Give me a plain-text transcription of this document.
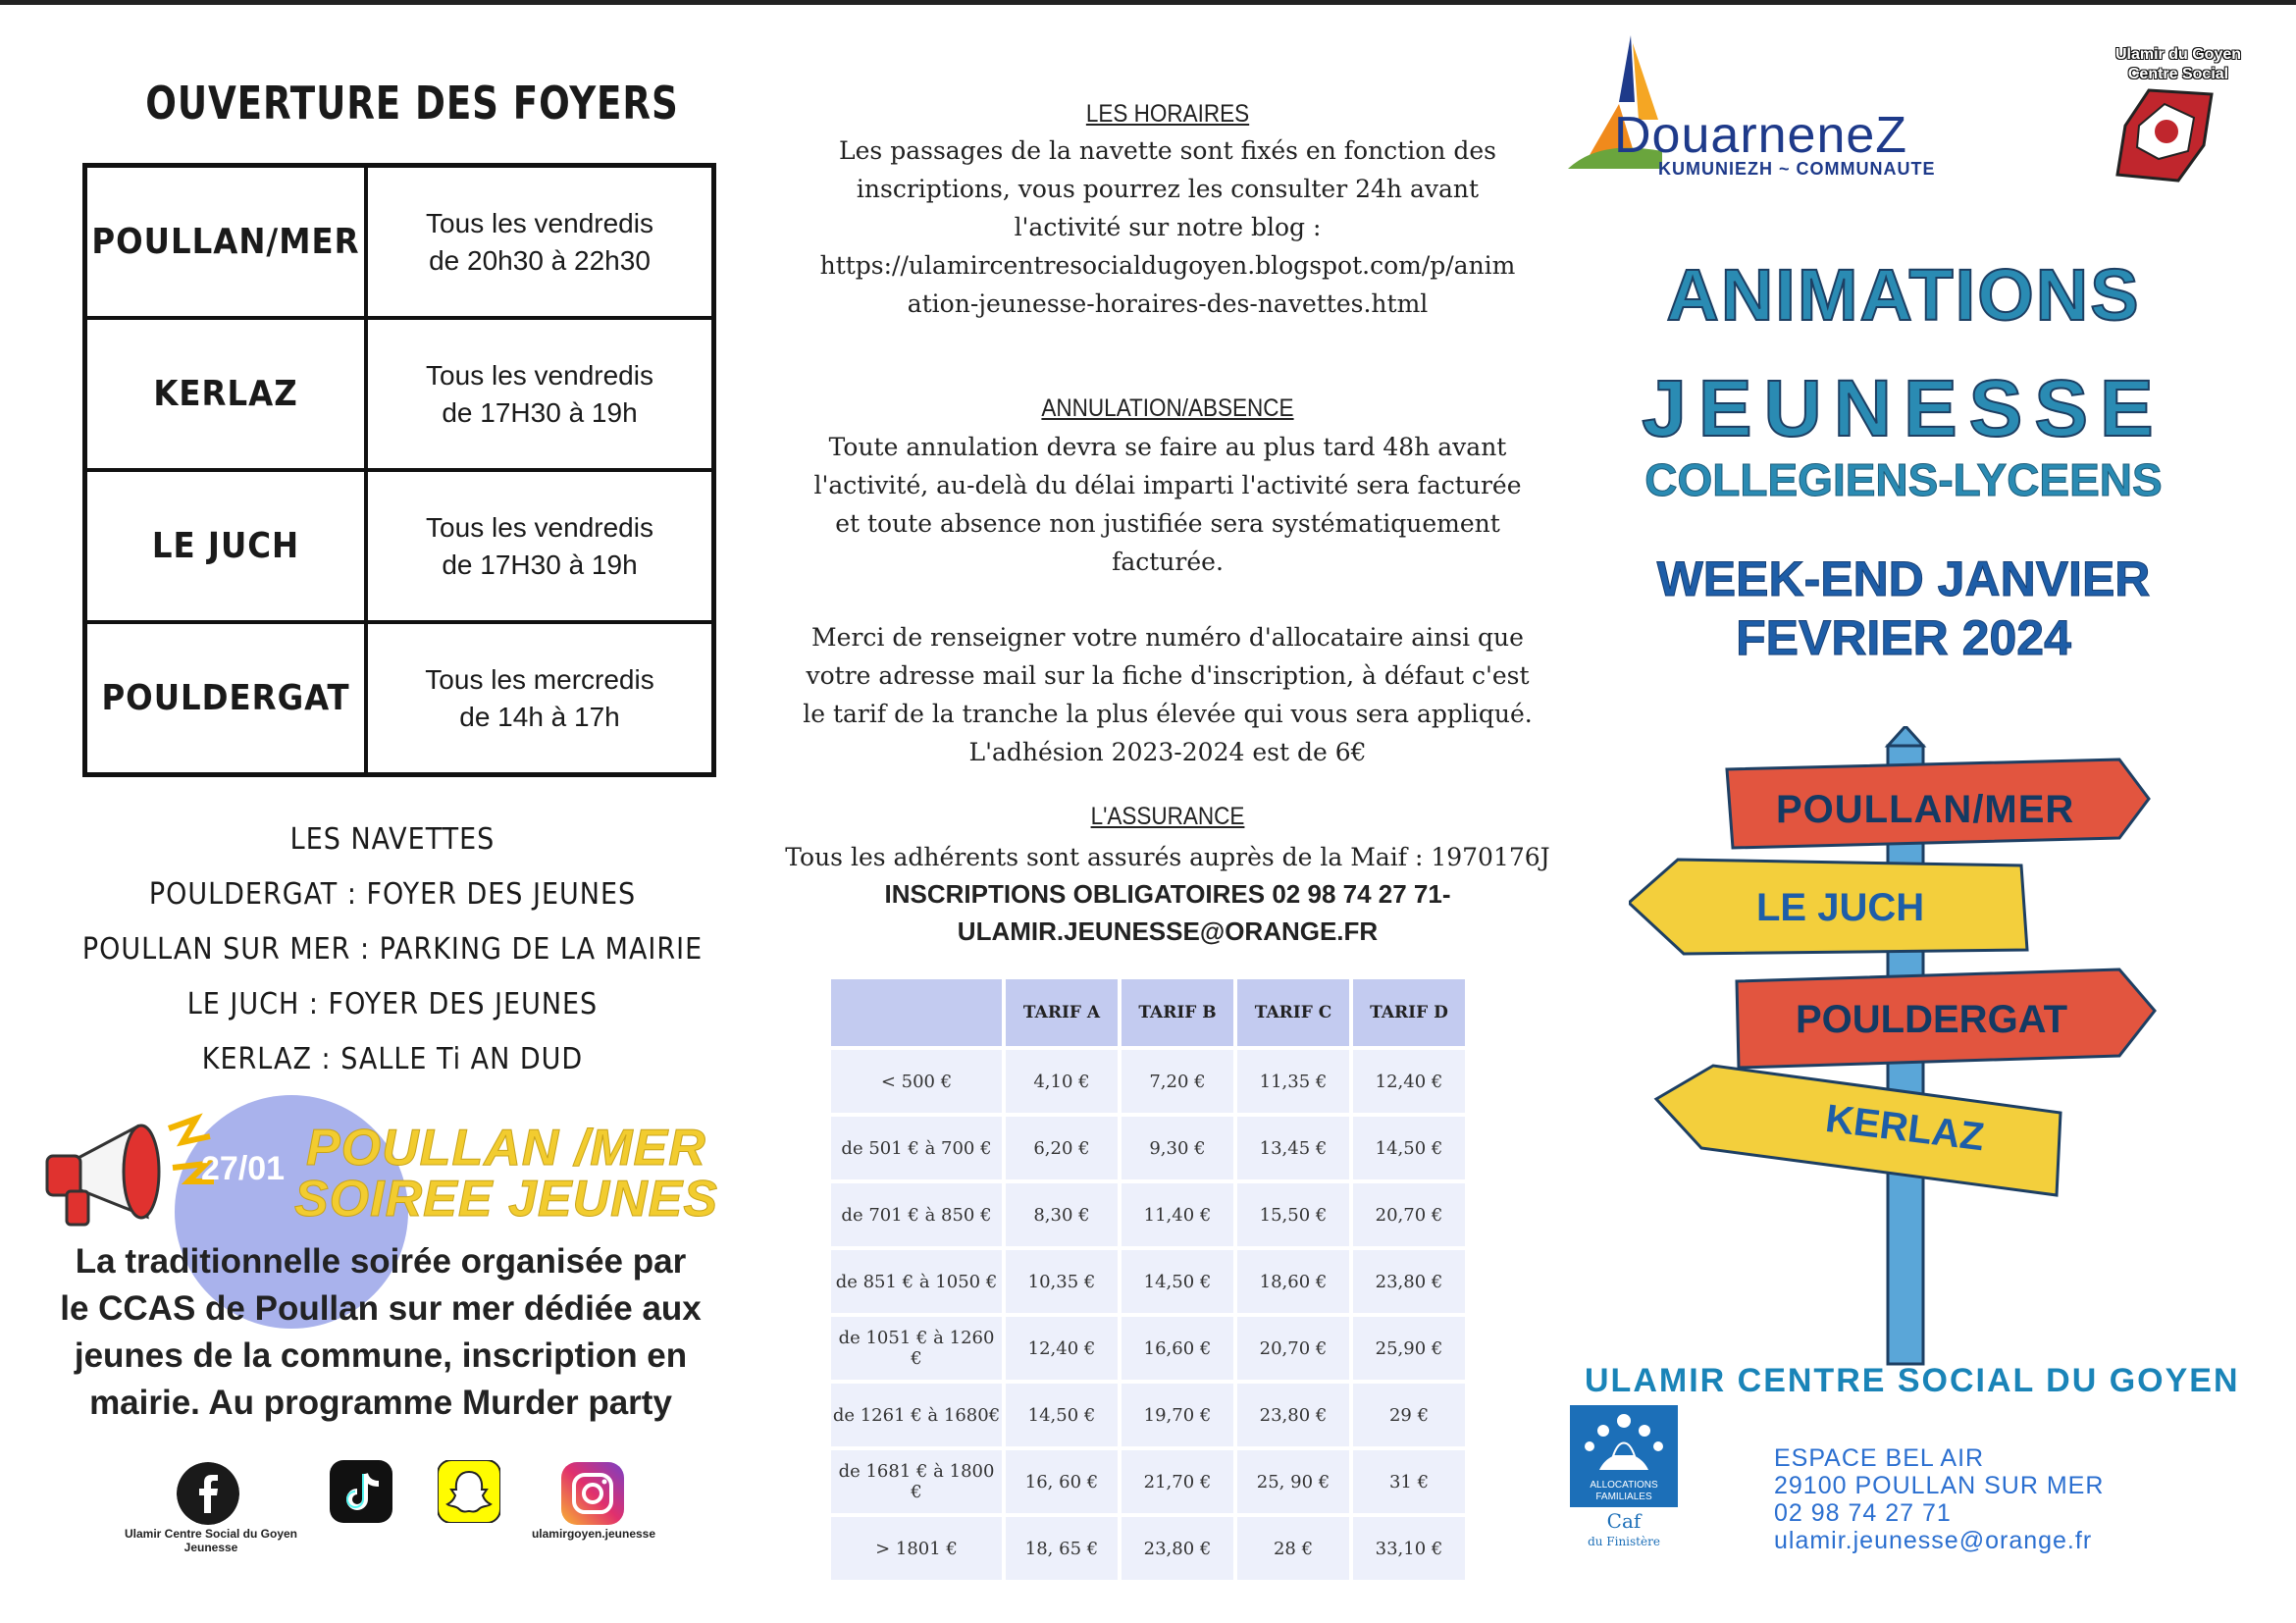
OUVERTURE DES FOYERS
POULLAN/MER	Tous les vendredis
de 20h30 à 22h30

KERLAZ	Tous les vendredis
de 17H30 à 19h

LE JUCH	Tous les vendredis
de 17H30 à 19h

POULDERGAT	Tous les mercredis
de 14h à 17h
LES NAVETTES
POULDERGAT : FOYER DES JEUNES
POULLAN SUR MER : PARKING DE LA MAIRIE
LE JUCH : FOYER DES JEUNES
KERLAZ : SALLE Ti AN DUD
27/01 POULLAN /MER
SOIREE JEUNES
La traditionnelle soirée organisée par
le CCAS de Poullan sur mer dédiée aux
jeunes de la commune, inscription en
mairie. Au programme Murder party
Ulamir Centre Social du Goyen Jeunesse
ulamirgoyen.jeunesse
LES HORAIRES
Les passages de la navette sont fixés en fonction des
inscriptions, vous pourrez les consulter 24h avant
l'activité sur notre blog :
https://ulamircentresocialdugoyen.blogspot.com/p/anim
ation-jeunesse-horaires-des-navettes.html
ANNULATION/ABSENCE
Toute annulation devra se faire au plus tard 48h avant
l'activité, au-delà du délai imparti l'activité sera facturée
et toute absence non justifiée sera systématiquement
facturée.
Merci de renseigner votre numéro d'allocataire ainsi que
votre adresse mail sur la fiche d'inscription, à défaut c'est
le tarif de la tranche la plus élevée qui vous sera appliqué.
L'adhésion 2023-2024 est de 6€
L'ASSURANCE
Tous les adhérents sont assurés auprès de la Maif : 1970176J
INSCRIPTIONS OBLIGATOIRES 02 98 74 27 71-
ULAMIR.JEUNESSE@ORANGE.FR
	TARIF A	TARIF B	TARIF C	TARIF D
< 500 €	4,10 €	7,20 €	11,35 €	12,40 €
de 501 € à 700 €	6,20 €	9,30 €	13,45 €	14,50 €
de 701 € à 850 €	8,30 €	11,40 €	15,50 €	20,70 €
de 851 € à 1050 €	10,35 €	14,50 €	18,60 €	23,80 €
de 1051 € à 1260 €	12,40 €	16,60 €	20,70 €	25,90 €
de 1261 € à 1680€	14,50 €	19,70 €	23,80 €	29 €
de 1681 € à 1800 €	16, 60 €	21,70 €	25, 90 €	31 €
> 1801 €	18, 65 €	23,80 €	28 €	33,10 €
DouarneneZ
KUMUNIEZH ~ COMMUNAUTE
Ulamir du Goyen
Centre Social
ANIMATIONS
JEUNESSE
COLLEGIENS-LYCEENS
WEEK-END JANVIER
FEVRIER 2024
POULLAN/MER
LE JUCH
POULDERGAT
KERLAZ
ULAMIR CENTRE SOCIAL DU GOYEN
ALLOCATIONS
FAMILIALES
Caf
du Finistère
ESPACE BEL AIR
29100 POULLAN SUR MER
02 98 74 27 71
ulamir.jeunesse@orange.fr
